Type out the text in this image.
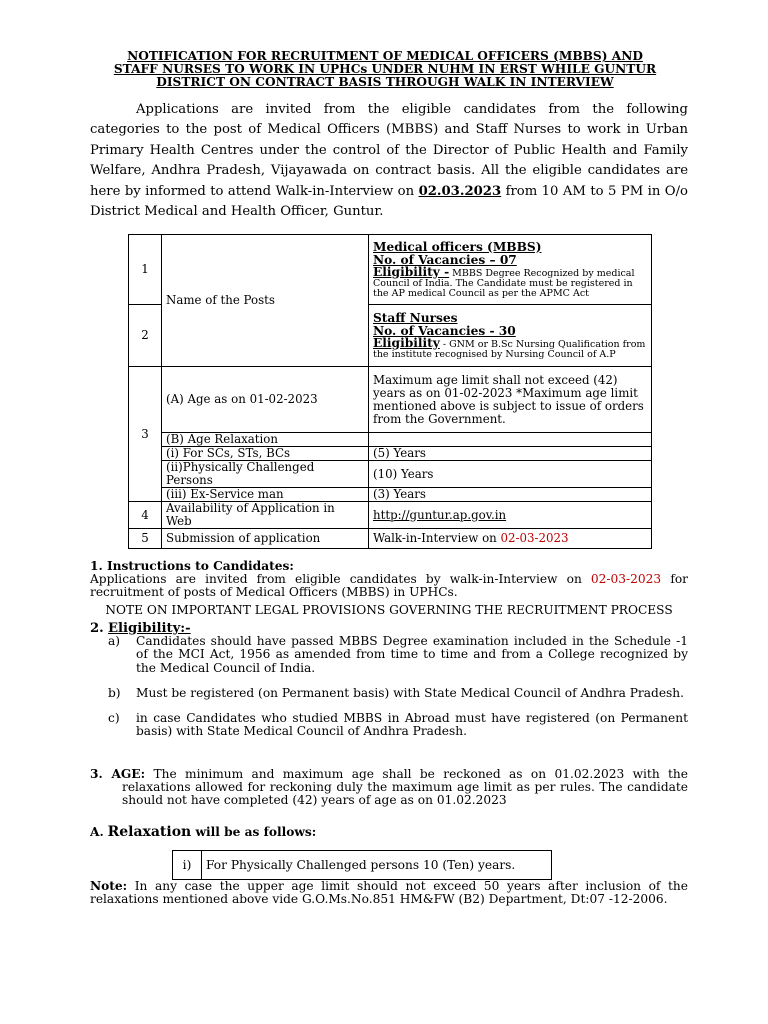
NOTIFICATION FOR RECRUITMENT OF MEDICAL OFFICERS (MBBS) AND
STAFF NURSES TO WORK IN UPHCs UNDER NUHM IN ERST WHILE GUNTUR
DISTRICT ON CONTRACT BASIS THROUGH WALK IN INTERVIEW

Applications are invited from the eligible candidates from the following categories to the post of Medical Officers (MBBS) and Staff Nurses to work in Urban Primary Health Centres under the control of the Director of Public Health and Family Welfare, Andhra Pradesh, Vijayawada on contract basis. All the eligible candidates are here by informed to attend Walk-in-Interview on 02.03.2023 from 10 AM to 5 PM in O/o District Medical and Health Officer, Guntur.

1	Name of the Posts	Medical officers (MBBS)
No. of Vacancies – 07
Eligibility - MBBS Degree Recognized by medical Council of India. The Candidate must be registered in the AP medical Council as per the APMC Act

2		Staff Nurses
No. of Vacancies - 30
Eligibility - GNM or B.Sc Nursing Qualification from the institute recognised by Nursing Council of A.P

3	(A) Age as on 01-02-2023	Maximum age limit shall not exceed (42) years as on 01-02-2023 *Maximum age limit mentioned above is subject to issue of orders from the Government.
	(B) Age Relaxation	
	(i) For SCs, STs, BCs	(5) Years
	(ii)Physically Challenged Persons	(10) Years
	(iii) Ex-Service man	(3) Years
4	Availability of Application in Web	http://guntur.ap.gov.in
5	Submission of application	Walk-in-Interview on 02-03-2023

1. Instructions to Candidates:

Applications are invited from eligible candidates by walk-in-Interview on 02-03-2023 for recruitment of posts of Medical Officers (MBBS) in UPHCs.

NOTE ON IMPORTANT LEGAL PROVISIONS GOVERNING THE RECRUITMENT PROCESS

2. Eligibility:-

a)	Candidates should have passed MBBS Degree examination included in the Schedule -1 of the MCI Act, 1956 as amended from time to time and from a College recognized by the Medical Council of India.
b)	Must be registered (on Permanent basis) with State Medical Council of Andhra Pradesh.
c)	in case Candidates who studied MBBS in Abroad must have registered (on Permanent basis) with State Medical Council of Andhra Pradesh.

3. AGE: The minimum and maximum age shall be reckoned as on 01.02.2023 with the relaxations allowed for reckoning duly the maximum age limit as per rules. The candidate should not have completed (42) years of age as on 01.02.2023

A. Relaxation will be as follows:
i)	For Physically Challenged persons 10 (Ten) years.

Note: In any case the upper age limit should not exceed 50 years after inclusion of the relaxations mentioned above vide G.O.Ms.No.851 HM&FW (B2) Department, Dt:07 -12-2006.
